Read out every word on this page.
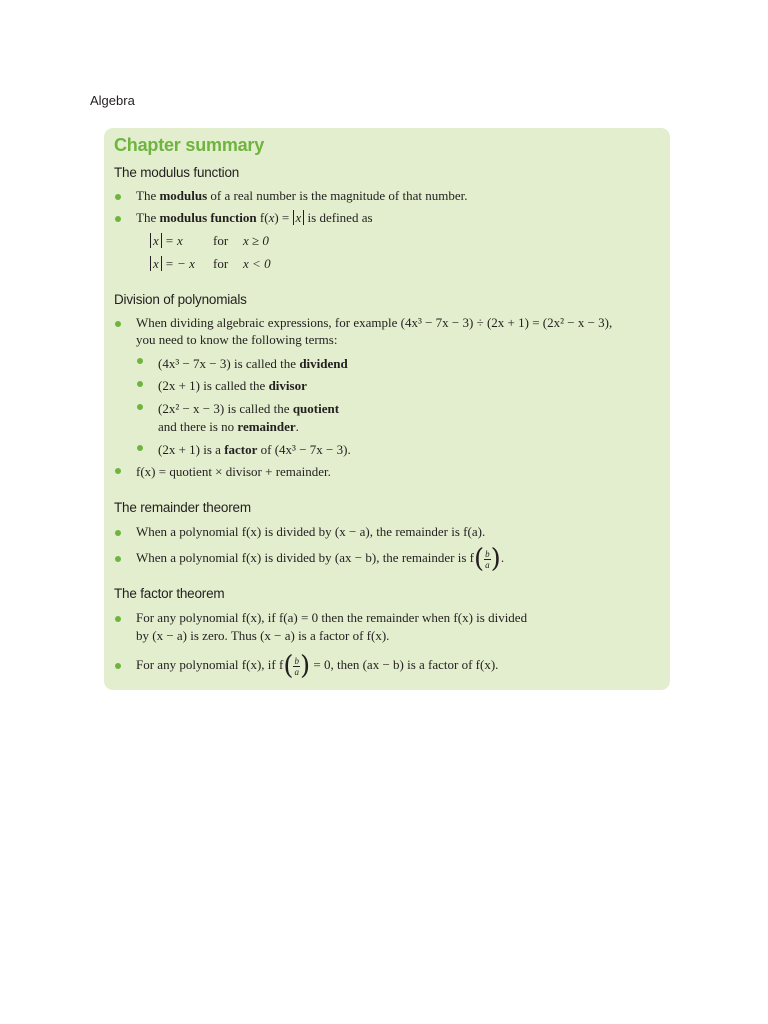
Algebra
Chapter summary
The modulus function
The modulus of a real number is the magnitude of that number.
The modulus function f(x) = x is defined as
x = x for x ≥ 0
x = − x for x < 0
Division of polynomials
When dividing algebraic expressions, for example (4x³ − 7x − 3) ÷ (2x + 1) = (2x² − x − 3),
you need to know the following terms:
(4x³ − 7x − 3) is called the dividend
(2x + 1) is called the divisor
(2x² − x − 3) is called the quotient
and there is no remainder.
(2x + 1) is a factor of (4x³ − 7x − 3).
f(x) = quotient × divisor + remainder.
The remainder theorem
When a polynomial f(x) is divided by (x − a), the remainder is f(a).
When a polynomial f(x) is divided by (ax − b), the remainder is $f( \frac{b}{a}$ ).
The factor theorem
For any polynomial f(x), if f(a) = 0 then the remainder when f(x) is divided
by (x − a) is zero. Thus (x − a) is a factor of f(x).
For any polynomial f(x), if $f( \frac{b}{a}$ ) = 0, then (ax − b) is a factor of f(x).
